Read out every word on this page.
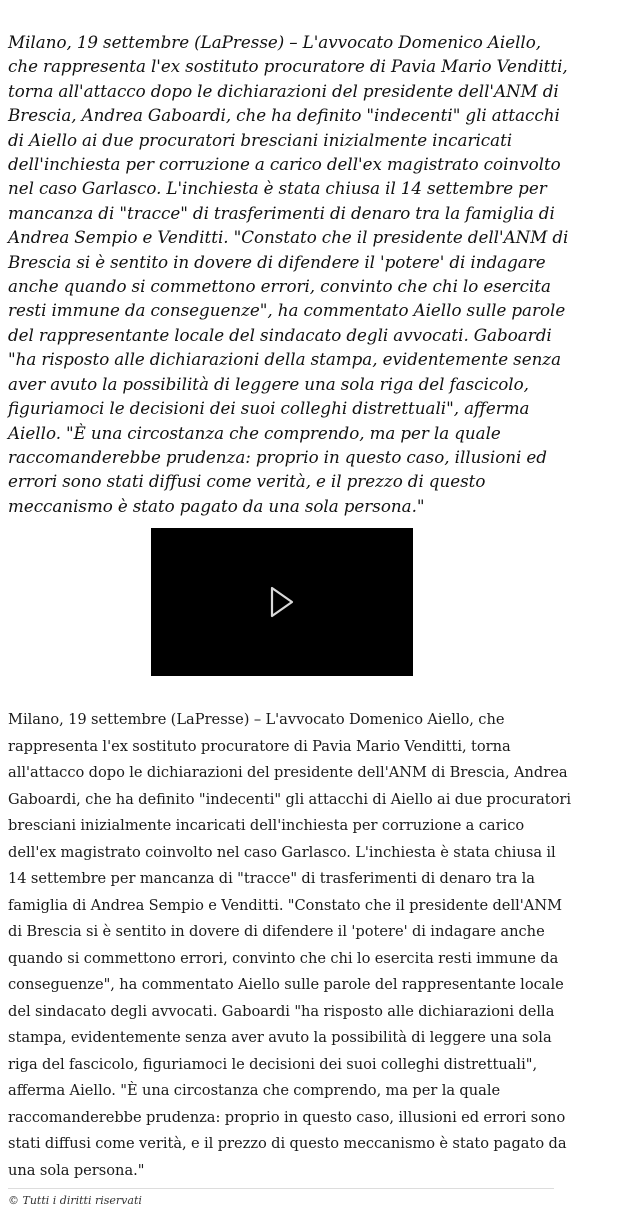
Milano, 19 settembre (LaPresse) – L'avvocato Domenico Aiello, che rappresenta l'ex sostituto procuratore di Pavia Mario Venditti, torna all'attacco dopo le dichiarazioni del presidente dell'ANM di Brescia, Andrea Gaboardi, che ha definito "indecenti" gli attacchi di Aiello ai due procuratori bresciani inizialmente incaricati dell'inchiesta per corruzione a carico dell'ex magistrato coinvolto nel caso Garlasco. L'inchiesta è stata chiusa il 14 settembre per mancanza di "tracce" di trasferimenti di denaro tra la famiglia di Andrea Sempio e Venditti. "Constato che il presidente dell'ANM di Brescia si è sentito in dovere di difendere il 'potere' di indagare anche quando si commettono errori, convinto che chi lo esercita resti immune da conseguenze", ha commentato Aiello sulle parole del rappresentante locale del sindacato degli avvocati. Gaboardi "ha risposto alle dichiarazioni della stampa, evidentemente senza aver avuto la possibilità di leggere una sola riga del fascicolo, figuriamoci le decisioni dei suoi colleghi distrettuali", afferma Aiello. "È una circostanza che comprendo, ma per la quale raccomanderebbe prudenza: proprio in questo caso, illusioni ed errori sono stati diffusi come verità, e il prezzo di questo meccanismo è stato pagato da una sola persona."

Milano, 19 settembre (LaPresse) – L'avvocato Domenico Aiello, che rappresenta l'ex sostituto procuratore di Pavia Mario Venditti, torna all'attacco dopo le dichiarazioni del presidente dell'ANM di Brescia, Andrea Gaboardi, che ha definito "indecenti" gli attacchi di Aiello ai due procuratori bresciani inizialmente incaricati dell'inchiesta per corruzione a carico dell'ex magistrato coinvolto nel caso Garlasco. L'inchiesta è stata chiusa il 14 settembre per mancanza di "tracce" di trasferimenti di denaro tra la famiglia di Andrea Sempio e Venditti. "Constato che il presidente dell'ANM di Brescia si è sentito in dovere di difendere il 'potere' di indagare anche quando si commettono errori, convinto che chi lo esercita resti immune da conseguenze", ha commentato Aiello sulle parole del rappresentante locale del sindacato degli avvocati. Gaboardi "ha risposto alle dichiarazioni della stampa, evidentemente senza aver avuto la possibilità di leggere una sola riga del fascicolo, figuriamoci le decisioni dei suoi colleghi distrettuali", afferma Aiello. "È una circostanza che comprendo, ma per la quale raccomanderebbe prudenza: proprio in questo caso, illusioni ed errori sono stati diffusi come verità, e il prezzo di questo meccanismo è stato pagato da una sola persona."

© Tutti i diritti riservati
